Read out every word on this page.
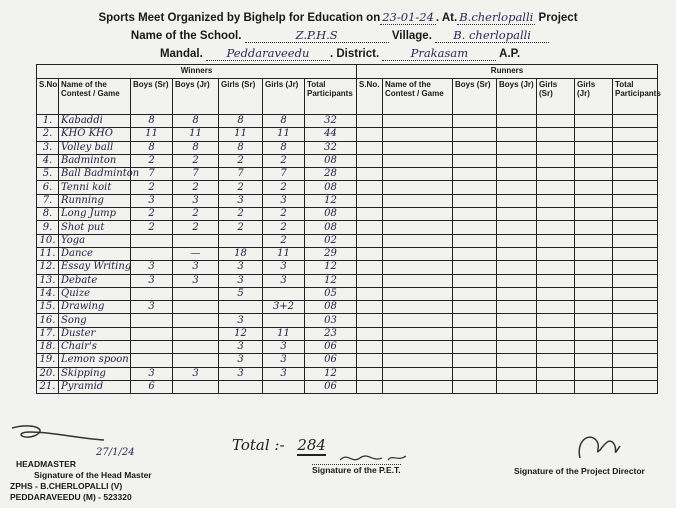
Sports Meet Organized by Bighelp for Education on 23-01-24 . At. B.cherlopalli Project
Name of the School.	Z.P.H.S	Village. B. cherlopalli
Mandal. Peddaraveedu . District. Prakasam	A.P.
Winners						
S.No.	Name of the Contest / Game	Boys (Sr)	Boys (Jr)	Girls (Sr)	Girls (Jr)	Total Participants
1.	Kabaddi	8	8	8	8	32
2.	KHO KHO	11	11	11	11	44
3.	Volley ball	8	8	8	8	32
4.	Badminton	2	2	2	2	08
5.	Ball Badminton	7	7	7	7	28
6.	Tenni koit	2	2	2	2	08
7.	Running	3	3	3	3	12
8.	Long Jump	2	2	2	2	08
9.	Shot put	2	2	2	2	08
10.	Yoga				2	02
11.	Dance		—	18	11	29
12.	Essay Writing	3	3	3	3	12
13.	Debate	3	3	3	3	12
14.	Quize			5		05
15.	Drawing	3			3+2	08
16.	Song			3		03
17.	Duster			12	11	23
18.	Chair's			3	3	06
19.	Lemon spoon			3	3	06
20.	Skipping	3	3	3	3	12
21.	Pyramid	6				06
Runners						
S.No.	Name of the Contest / Game	Boys (Sr)	Boys (Jr)	Girls (Sr)	Girls (Jr)	Total Participants

Total :- 284
27/1/24
HEADMASTER
Signature of the Head Master
ZPHS - B.CHERLOPALLI (V)
PEDDARAVEEDU (M) - 523320
Signature of the P.E.T.	Signature of the Project Director
